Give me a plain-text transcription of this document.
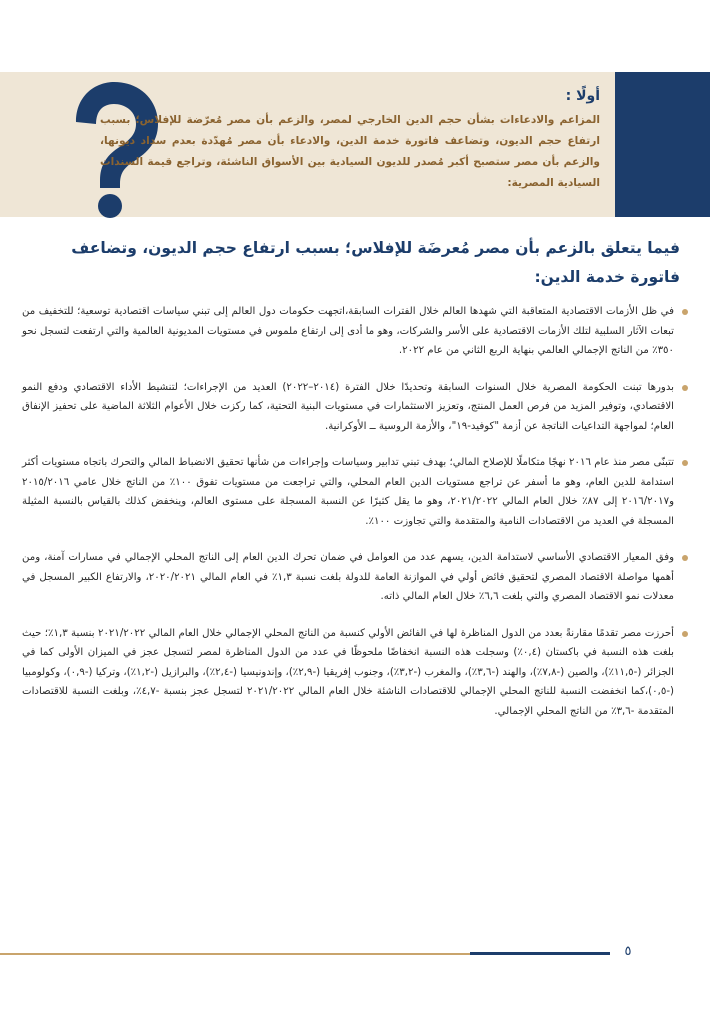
أولًا :

المزاعم والادعاءات بشأن حجم الدين الخارجي لمصر، والزعم بأن مصر مُعرّضة للإفلاس؛ بسبب ارتفاع حجم الديون، وتضاعف فاتورة خدمة الدين، والادعاء بأن مصر مُهدّدة بعدم سداد ديونها، والزعم بأن مصر ستصبح أكبر مُصدر للديون السيادية بين الأسواق الناشئة، وتراجع قيمة السندات السيادية المصرية:

فيما يتعلق بالزعم بأن مصر مُعرضَة للإفلاس؛ بسبب ارتفاع حجم الديون، وتضاعف فاتورة خدمة الدين:
في ظل الأزمات الاقتصادية المتعاقبة التي شهدها العالم خلال الفترات السابقة،اتجهت حكومات دول العالم إلى تبني سياسات اقتصادية توسعية؛ للتخفيف من تبعات الآثار السلبية لتلك الأزمات الاقتصادية على الأسر والشركات، وهو ما أدى إلى ارتفاع ملموس في مستويات المديونية العالمية والتي ارتفعت لتسجل نحو ٣٥٠٪ من الناتج الإجمالي العالمي بنهاية الربع الثاني من عام ٢٠٢٢.
بدورها تبنت الحكومة المصرية خلال السنوات السابقة وتحديدًا خلال الفترة (٢٠١٤–٢٠٢٢) العديد من الإجراءات؛ لتنشيط الأداء الاقتصادي ودفع النمو الاقتصادي، وتوفير المزيد من فرص العمل المنتج، وتعزيز الاستثمارات في مستويات البنية التحتية، كما ركزت خلال الأعوام الثلاثة الماضية على تحفيز الإنفاق العام؛ لمواجهة التداعيات الناتجة عن أزمة "كوفيد-١٩"، والأزمة الروسية ــ الأوكرانية.
تتبنّى مصر منذ عام ٢٠١٦ نهجًا متكاملًا للإصلاح المالي؛ بهدف تبني تدابير وسياسات وإجراءات من شأنها تحقيق الانضباط المالي والتحرك باتجاه مستويات أكثر استدامة للدين العام، وهو ما أسفر عن تراجع مستويات الدين العام المحلي، والتي تراجعت من مستويات تفوق ١٠٠٪ من الناتج خلال عامي ٢٠١٥/٢٠١٦ و٢٠١٦/٢٠١٧ إلى ٨٧٪ خلال العام المالي ٢٠٢١/٢٠٢٢، وهو ما يقل كثيرًا عن النسبة المسجلة على مستوى العالم، وينخفض كذلك بالقياس بالنسبة المثيلة المسجلة في العديد من الاقتصادات النامية والمتقدمة والتي تجاوزت ١٠٠٪.
وفق المعيار الاقتصادي الأساسي لاستدامة الدين، يسهم عدد من العوامل في ضمان تحرك الدين العام إلى الناتج المحلي الإجمالي في مسارات آمنة، ومن أهمها مواصلة الاقتصاد المصري لتحقيق فائض أولي في الموازنة العامة للدولة بلغت نسبة ١,٣٪ في العام المالي ٢٠٢٠/٢٠٢١، والارتفاع الكبير المسجل في معدلات نمو الاقتصاد المصري والتي بلغت ٦,٦٪ خلال العام المالي ذاته.
أحرزت مصر تقدمًا مقارنةً بعدد من الدول المناظرة لها في الفائض الأولي كنسبة من الناتج المحلي الإجمالي خلال العام المالي ٢٠٢١/٢٠٢٢ بنسبة ١,٣٪؛ حيث بلغت هذه النسبة في باكستان (٠,٤٪) وسجلت هذه النسبة انخفاضًا ملحوظًا في عدد من الدول المناظرة لمصر لتسجل عجز في الميزان الأولى كما في الجزائر (-١١,٥٪)، والصين (-٧,٨٪)، والهند (-٣,٦٪)، والمغرب (-٣,٢٪)، وجنوب إفريقيا (-٢,٩٪)، وإندونيسيا (-٢,٤٪)، والبرازيل (-١,٢٪)، وتركيا (-٠,٩)، وكولومبيا (-٠,٥)،كما انخفضت النسبة للناتج المحلي الإجمالي للاقتصادات الناشئة خلال العام المالي ٢٠٢١/٢٠٢٢ لتسجل عجز بنسبة -٤,٧٪، وبلغت النسبة للاقتصادات المتقدمة -٣,٦٪ من الناتج المحلي الإجمالي.
٥
